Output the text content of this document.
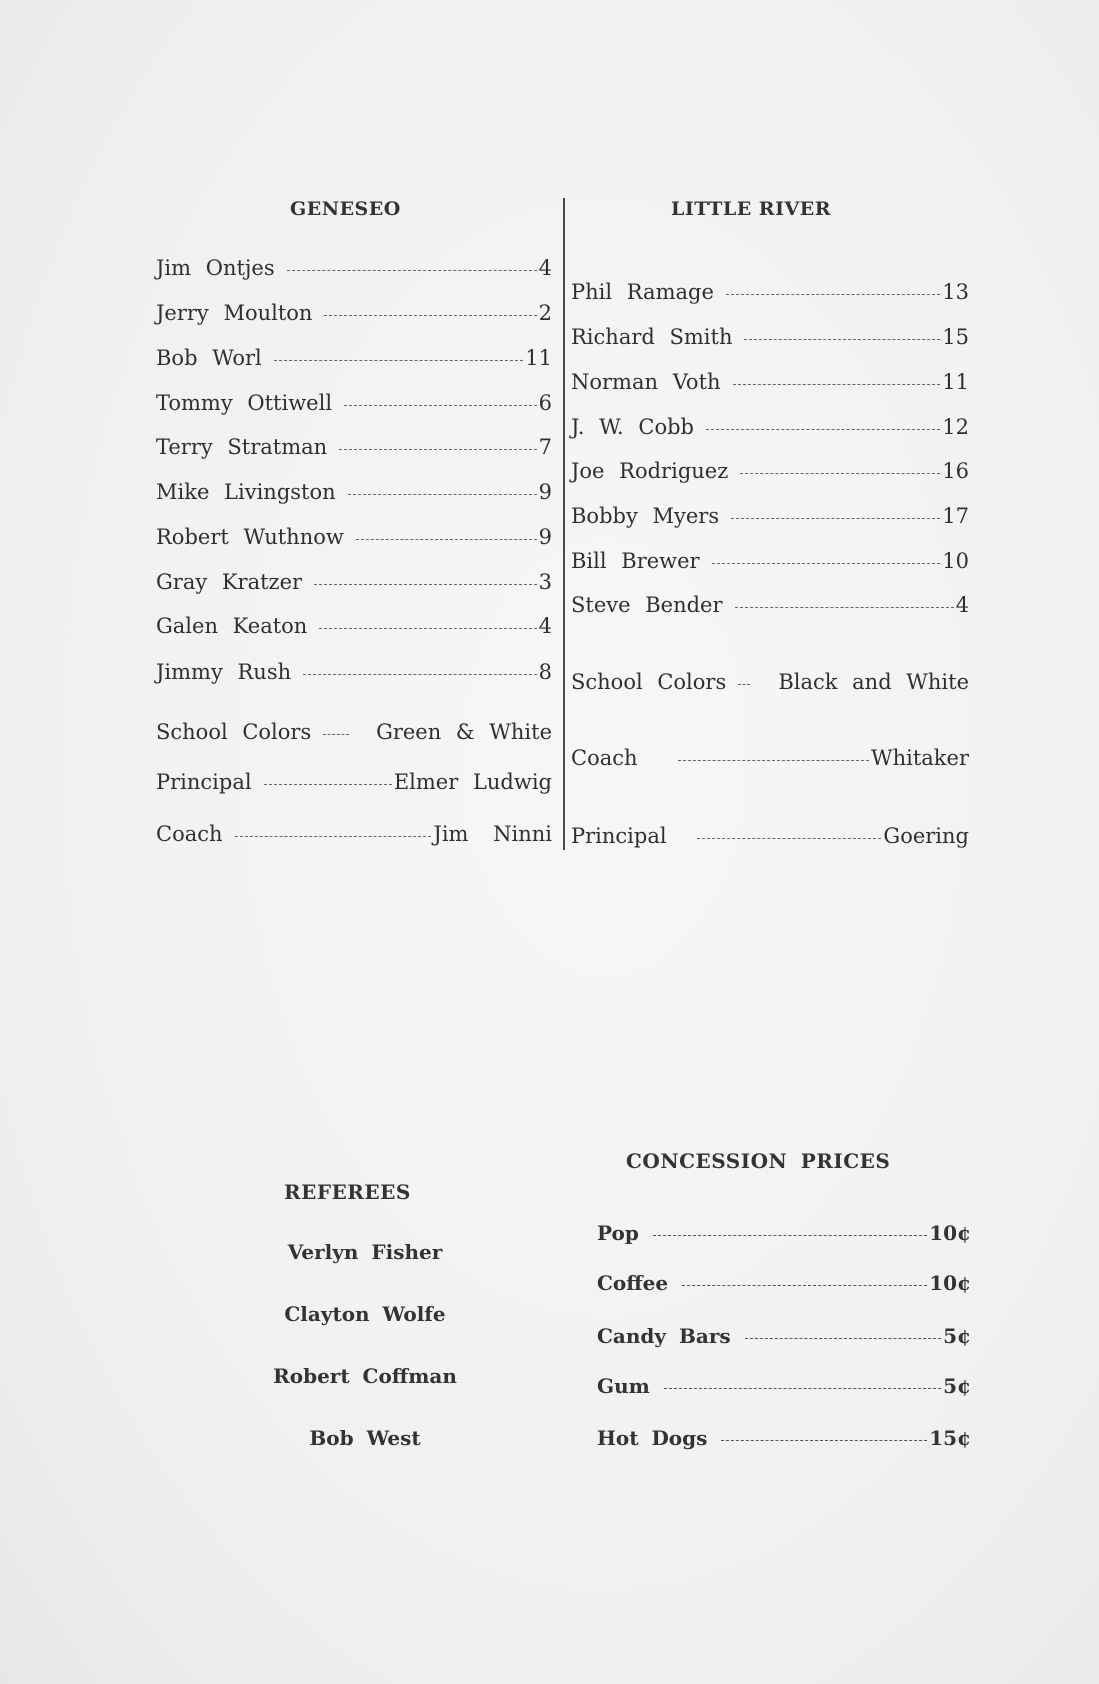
GENESEO
Jim Ontjes	4
Jerry Moulton	2
Bob Worl	11
Tommy Ottiwell	6
Terry Stratman	7
Mike Livingston	9
Robert Wuthnow	9
Gray Kratzer	3
Galen Keaton	4
Jimmy Rush	8
School Colors	Green & White
Principal	Elmer Ludwig
Coach	Jim Ninni
LITTLE RIVER
Phil Ramage	13
Richard Smith	15
Norman Voth	11
J. W. Cobb	12
Joe Rodriguez	16
Bobby Myers	17
Bill Brewer	10
Steve Bender	4
School Colors	Black and White
Coach	Whitaker
Principal	Goering
REFEREES
Verlyn Fisher
Clayton Wolfe
Robert Coffman
Bob West
CONCESSION PRICES
Pop	10¢
Coffee	10¢
Candy Bars	5¢
Gum	5¢
Hot Dogs	15¢
